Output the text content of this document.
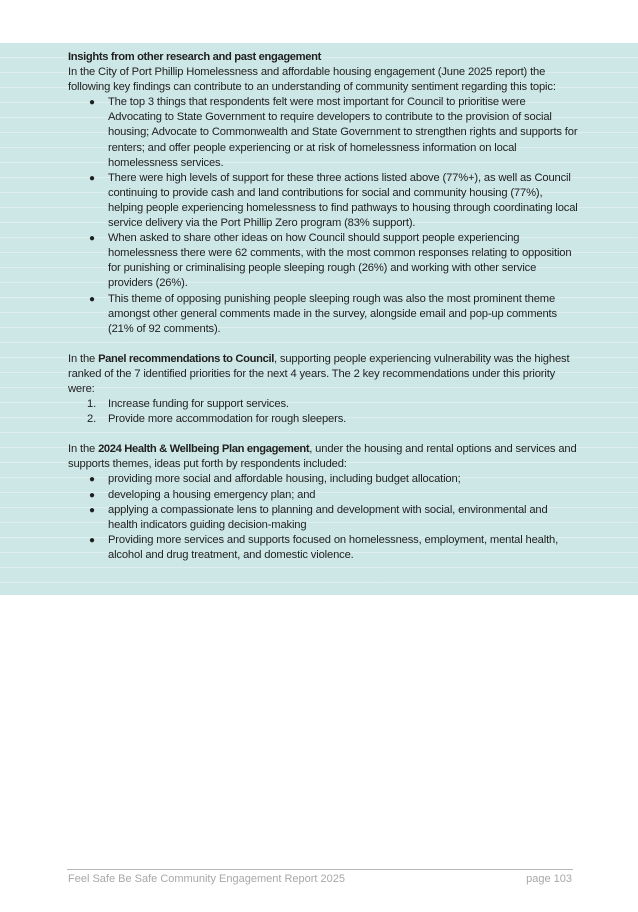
Insights from other research and past engagement

In the City of Port Phillip Homelessness and affordable housing engagement (June 2025 report) the following key findings can contribute to an understanding of community sentiment regarding this topic:

● The top 3 things that respondents felt were most important for Council to prioritise were Advocating to State Government to require developers to contribute to the provision of social housing; Advocate to Commonwealth and State Government to strengthen rights and supports for renters; and offer people experiencing or at risk of homelessness information on local homelessness services.
● There were high levels of support for these three actions listed above (77%+), as well as Council continuing to provide cash and land contributions for social and community housing (77%), helping people experiencing homelessness to find pathways to housing through coordinating local service delivery via the Port Phillip Zero program (83% support).
● When asked to share other ideas on how Council should support people experiencing homelessness there were 62 comments, with the most common responses relating to opposition for punishing or criminalising people sleeping rough (26%) and working with other service providers (26%).
● This theme of opposing punishing people sleeping rough was also the most prominent theme amongst other general comments made in the survey, alongside email and pop-up comments (21% of 92 comments).

In the Panel recommendations to Council, supporting people experiencing vulnerability was the highest ranked of the 7 identified priorities for the next 4 years. The 2 key recommendations under this priority were:

1. Increase funding for support services.
2. Provide more accommodation for rough sleepers.

In the 2024 Health & Wellbeing Plan engagement, under the housing and rental options and services and supports themes, ideas put forth by respondents included:

● providing more social and affordable housing, including budget allocation;
● developing a housing emergency plan; and
● applying a compassionate lens to planning and development with social, environmental and health indicators guiding decision-making
● Providing more services and supports focused on homelessness, employment, mental health, alcohol and drug treatment, and domestic violence.
Feel Safe Be Safe Community Engagement Report 2025	page 103
